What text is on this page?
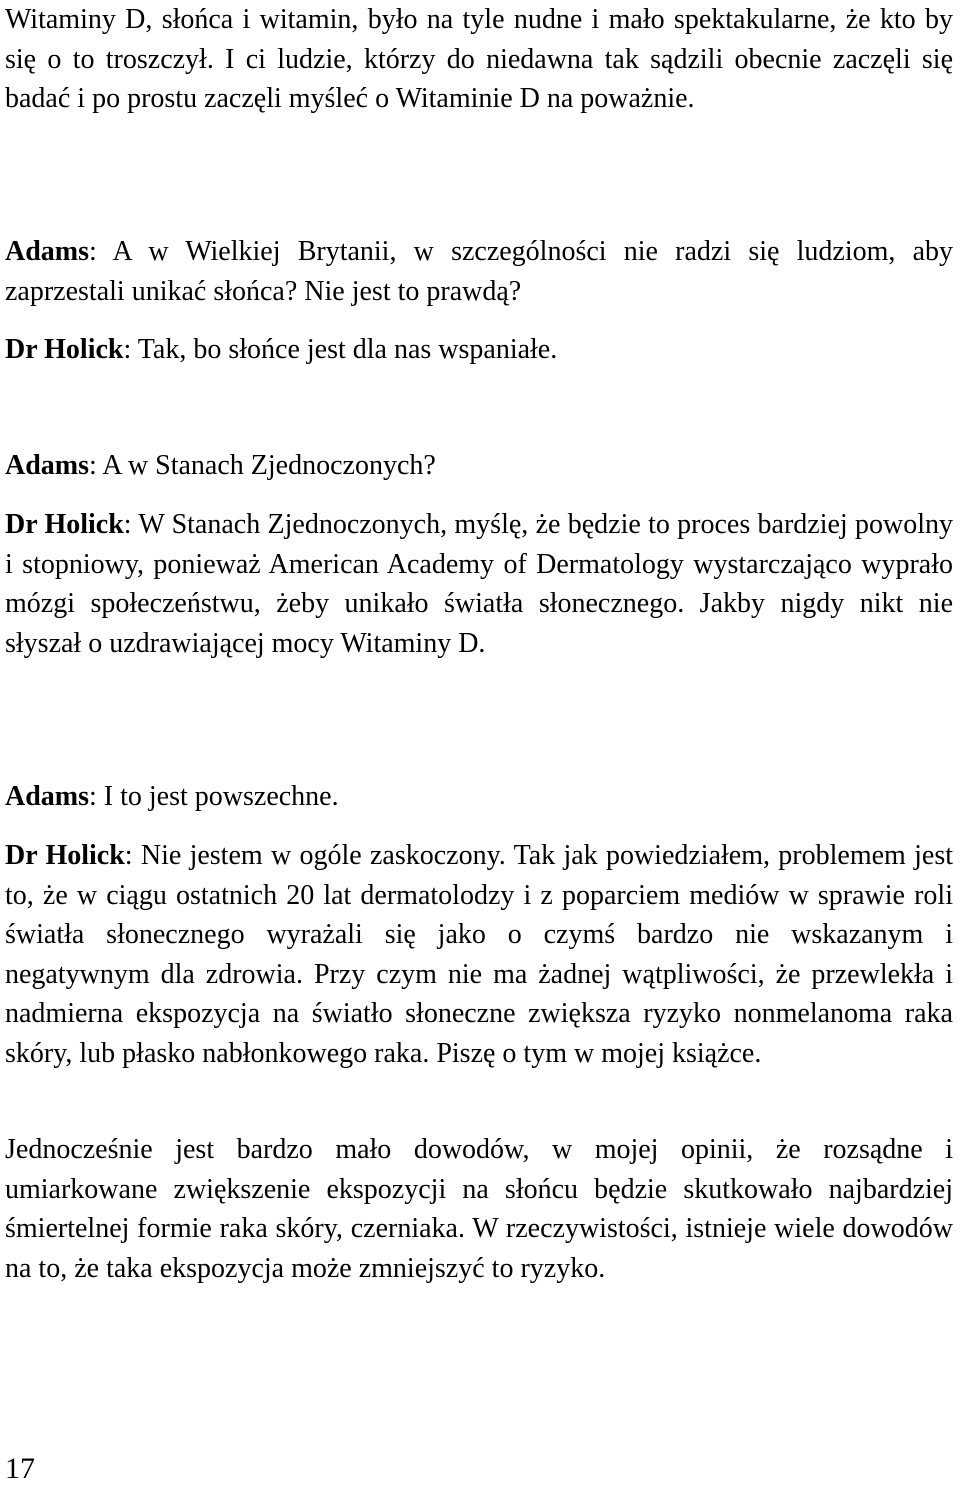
Witaminy D, słońca i witamin, było na tyle nudne i mało spektakularne, że kto by się o to troszczył. I ci ludzie, którzy do niedawna tak sądzili obecnie zaczęli się badać i po prostu zaczęli myśleć o Witaminie D na poważnie.

Adams: A w Wielkiej Brytanii, w szczególności nie radzi się ludziom, aby zaprzestali unikać słońca? Nie jest to prawdą?

Dr Holick: Tak, bo słońce jest dla nas wspaniałe.

Adams: A w Stanach Zjednoczonych?

Dr Holick: W Stanach Zjednoczonych, myślę, że będzie to proces bardziej powolny i stopniowy, ponieważ American Academy of Dermatology wystarczająco wyprało mózgi społeczeństwu, żeby unikało światła słonecznego. Jakby nigdy nikt nie słyszał o uzdrawiającej mocy Witaminy D.

Adams: I to jest powszechne.

Dr Holick: Nie jestem w ogóle zaskoczony. Tak jak powiedziałem, problemem jest to, że w ciągu ostatnich 20 lat dermatolodzy i z poparciem mediów w sprawie roli światła słonecznego wyrażali się jako o czymś bardzo nie wskazanym i negatywnym dla zdrowia. Przy czym nie ma żadnej wątpliwości, że przewlekła i nadmierna ekspozycja na światło słoneczne zwiększa ryzyko nonmelanoma raka skóry, lub płasko nabłonkowego raka. Piszę o tym w mojej książce.

Jednocześnie jest bardzo mało dowodów, w mojej opinii, że rozsądne i umiarkowane zwiększenie ekspozycji na słońcu będzie skutkowało najbardziej śmiertelnej formie raka skóry, czerniaka. W rzeczywistości, istnieje wiele dowodów na to, że taka ekspozycja może zmniejszyć to ryzyko.

17
